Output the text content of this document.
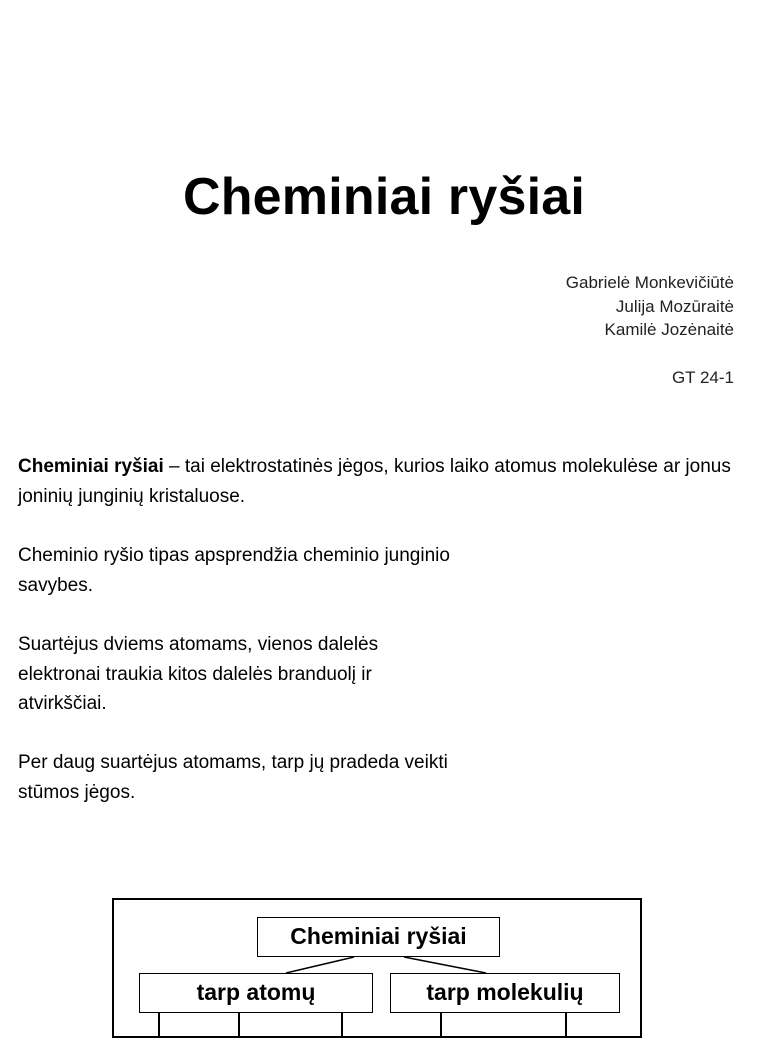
Cheminiai ryšiai
Gabrielė Monkevičiūtė
Julija Mozūraitė
Kamilė Jozėnaitė
GT 24-1

Cheminiai ryšiai – tai elektrostatinės jėgos, kurios laiko atomus molekulėse ar jonus joninių junginių kristaluose.

Cheminio ryšio tipas apsprendžia cheminio junginio savybes.

Suartėjus dviems atomams, vienos dalelės elektronai traukia kitos dalelės branduolį ir atvirkščiai.

Per daug suartėjus atomams, tarp jų pradeda veikti stūmos jėgos.

Cheminiai ryšiai
tarp atomų	tarp molekulių
